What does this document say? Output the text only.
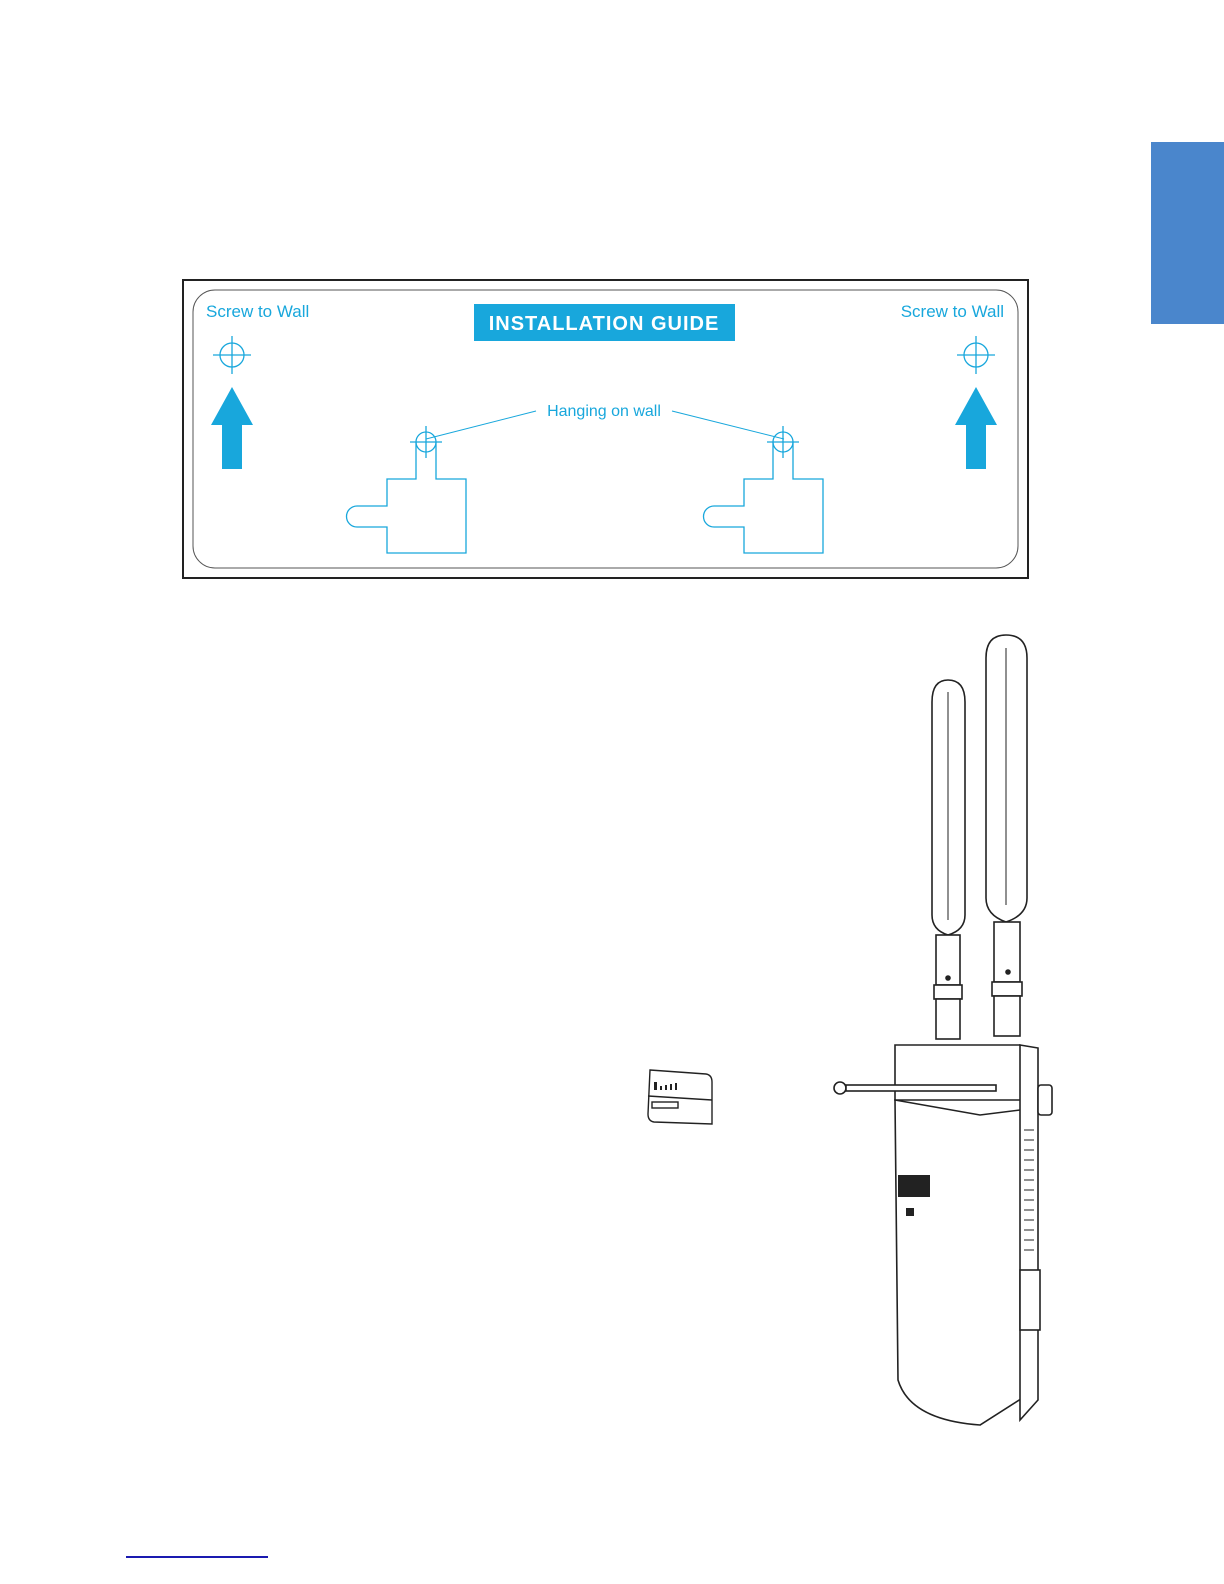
INSTALLATION GUIDE
Screw to Wall	Screw to Wall
Hanging on wall
